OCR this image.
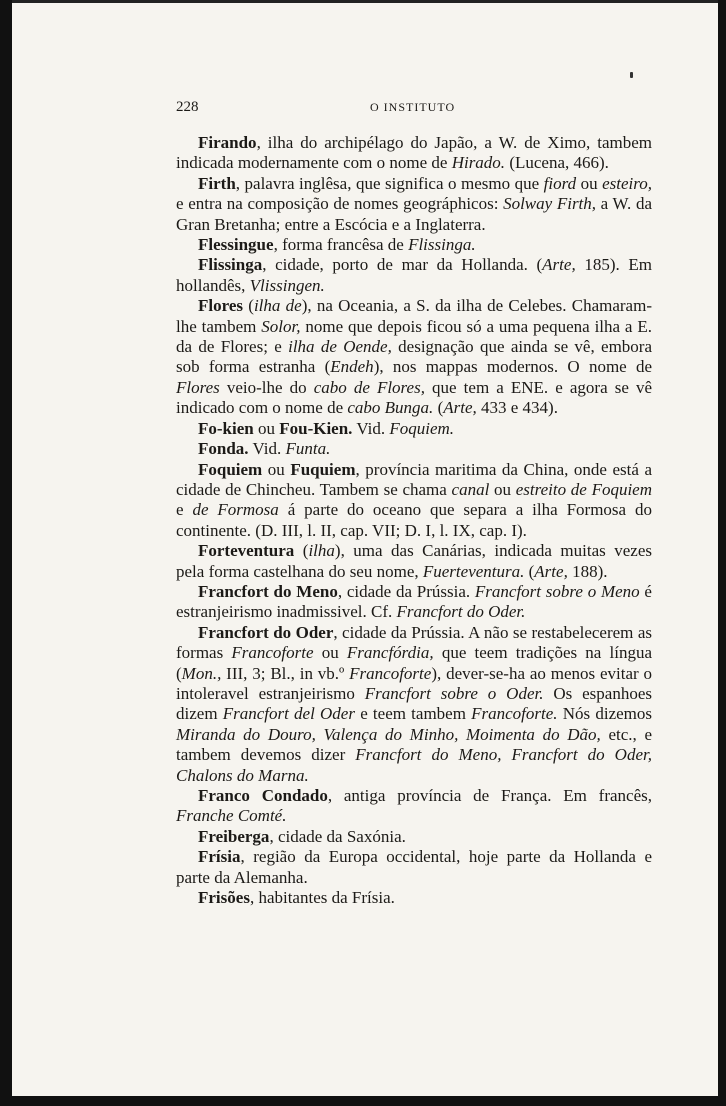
228	O INSTITUTO

Firando, ilha do archipélago do Japão, a W. de Ximo, tambem indicada modernamente com o nome de Hirado. (Lucena, 466).

Firth, palavra inglêsa, que significa o mesmo que fiord ou esteiro, e entra na composição de nomes geográphicos: Solway Firth, a W. da Gran Bretanha; entre a Escócia e a Inglaterra.

Flessingue, forma francêsa de Flissinga.

Flissinga, cidade, porto de mar da Hollanda. (Arte, 185). Em hollandês, Vlissingen.

Flores (ilha de), na Oceania, a S. da ilha de Celebes. Chamaram-lhe tambem Solor, nome que depois ficou só a uma pequena ilha a E. da de Flores; e ilha de Oende, designação que ainda se vê, embora sob forma estranha (Endeh), nos mappas modernos. O nome de Flores veio-lhe do cabo de Flores, que tem a ENE. e agora se vê indicado com o nome de cabo Bunga. (Arte, 433 e 434).

Fo-kien ou Fou-Kien. Vid. Foquiem.

Fonda. Vid. Funta.

Foquiem ou Fuquiem, província maritima da China, onde está a cidade de Chincheu. Tambem se chama canal ou estreito de Foquiem e de Formosa á parte do oceano que separa a ilha Formosa do continente. (D. III, l. II, cap. VII; D. I, l. IX, cap. I).

Forteventura (ilha), uma das Canárias, indicada muitas vezes pela forma castelhana do seu nome, Fuerteventura. (Arte, 188).

Francfort do Meno, cidade da Prússia. Francfort sobre o Meno é estranjeirismo inadmissivel. Cf. Francfort do Oder.

Francfort do Oder, cidade da Prússia. A não se restabelecerem as formas Francoforte ou Francfórdia, que teem tradições na língua (Mon., III, 3; Bl., in vb.º Francoforte), dever-se-ha ao menos evitar o intoleravel estranjeirismo Francfort sobre o Oder. Os espanhoes dizem Francfort del Oder e teem tambem Francoforte. Nós dizemos Miranda do Douro, Valença do Minho, Moimenta do Dão, etc., e tambem devemos dizer Francfort do Meno, Francfort do Oder, Chalons do Marna.

Franco Condado, antiga província de França. Em francês, Franche Comté.

Freiberga, cidade da Saxónia.

Frísia, região da Europa occidental, hoje parte da Hollanda e parte da Alemanha.

Frisões, habitantes da Frísia.
